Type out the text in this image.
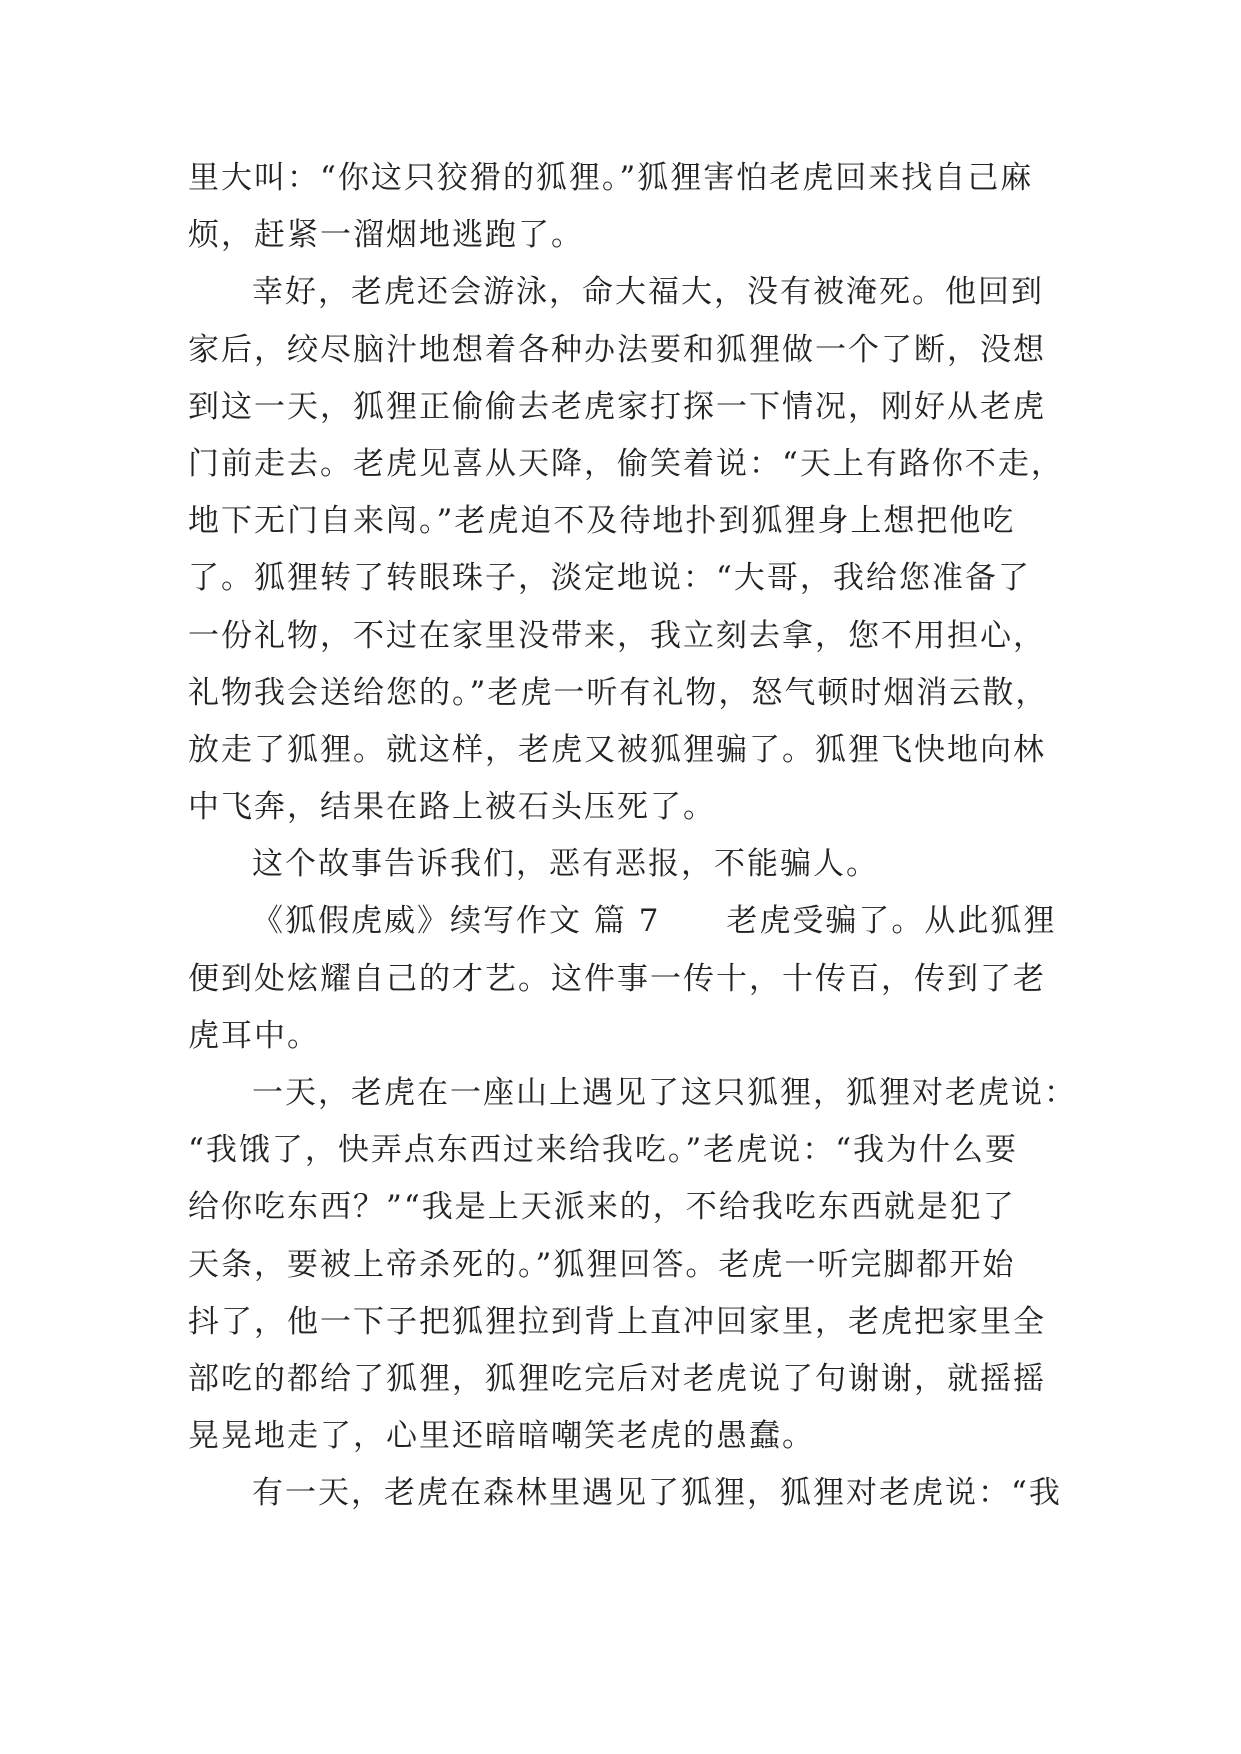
里大叫：“你这只狡猾的狐狸。”狐狸害怕老虎回来找自己麻
烦，赶紧一溜烟地逃跑了。
幸好，老虎还会游泳，命大福大，没有被淹死。他回到
家后，绞尽脑汁地想着各种办法要和狐狸做一个了断，没想
到这一天，狐狸正偷偷去老虎家打探一下情况，刚好从老虎
门前走去。老虎见喜从天降，偷笑着说：“天上有路你不走，
地下无门自来闯。”老虎迫不及待地扑到狐狸身上想把他吃
了。狐狸转了转眼珠子，淡定地说：“大哥，我给您准备了
一份礼物，不过在家里没带来，我立刻去拿，您不用担心，
礼物我会送给您的。”老虎一听有礼物，怒气顿时烟消云散，
放走了狐狸。就这样，老虎又被狐狸骗了。狐狸飞快地向林
中飞奔，结果在路上被石头压死了。
这个故事告诉我们，恶有恶报，不能骗人。
《狐假虎威》续写作文 篇 7　　老虎受骗了。从此狐狸
便到处炫耀自己的才艺。这件事一传十，十传百，传到了老
虎耳中。
一天，老虎在一座山上遇见了这只狐狸，狐狸对老虎说：
“我饿了，快弄点东西过来给我吃。”老虎说：“我为什么要
给你吃东西？”“我是上天派来的，不给我吃东西就是犯了
天条，要被上帝杀死的。”狐狸回答。老虎一听完脚都开始
抖了，他一下子把狐狸拉到背上直冲回家里，老虎把家里全
部吃的都给了狐狸，狐狸吃完后对老虎说了句谢谢，就摇摇
晃晃地走了，心里还暗暗嘲笑老虎的愚蠢。
有一天，老虎在森林里遇见了狐狸，狐狸对老虎说：“我
